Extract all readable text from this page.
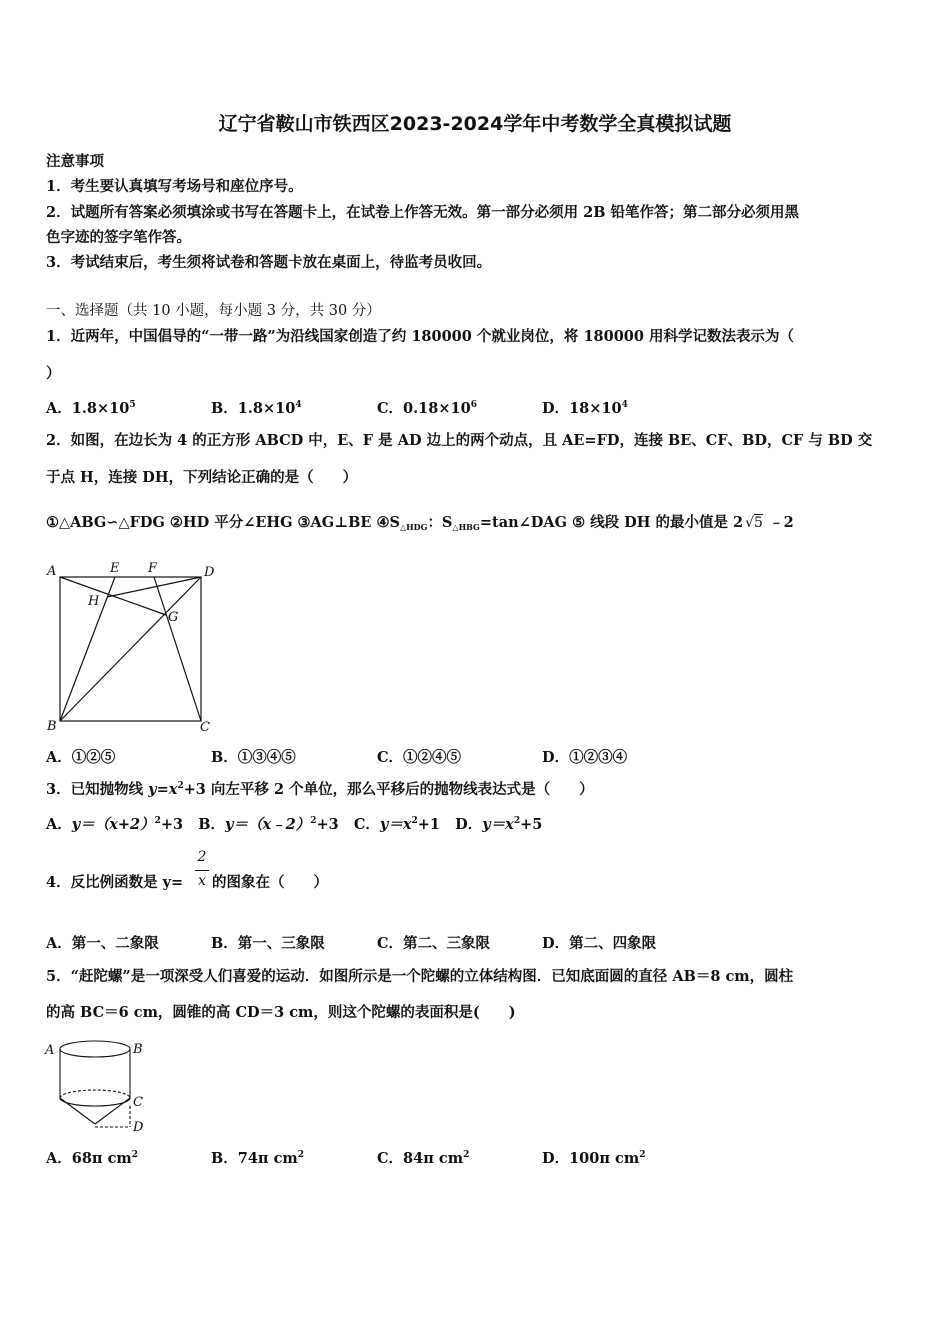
辽宁省鞍山市铁西区2023-2024学年中考数学全真模拟试题
注意事项
1．考生要认真填写考场号和座位序号。
2．试题所有答案必须填涂或书写在答题卡上，在试卷上作答无效。第一部分必须用 2B 铅笔作答；第二部分必须用黑
色字迹的签字笔作答。
3．考试结束后，考生须将试卷和答题卡放在桌面上，待监考员收回。
一、选择题（共 10 小题，每小题 3 分，共 30 分）
1．近两年，中国倡导的“一带一路”为沿线国家创造了约 180000 个就业岗位，将 180000 用科学记数法表示为（
）
A．$1.8\times 10^5$	B．$1.8\times 10^4$	C．$0.18\times 10^6$	D．$18\times 10^4$
2．如图，在边长为 4 的正方形 ABCD 中，E、F 是 AD 边上的两个动点，且 AE=FD，连接 BE、CF、BD，CF 与 BD 交
于点 H，连接 DH，下列结论正确的是（　　）
①△ABG∽△FDG ②HD 平分∠EHG ③AG⊥BE $④S_{\triangle HDG}$：$S_{\triangle HBG}=\tan\angle DAG$ ⑤ 线段 DH 的最小值是 2 √5 ﹣2
A	E F	D
H
G
B	C
A．①②⑤	B．①③④⑤	C．①②④⑤	D．①②③④
3．已知抛物线 $y=x^2+3$ 向左平移 2 个单位，那么平移后的抛物线表达式是（　　）
A．$y=(x+2)^2+3$ B．y＝（x﹣2）$^2$+3 C．$y=x^2+1$ D．$y=x^2+5$
4．反比例函数是 y=
2
x 的图象在（　　）
A．第一、二象限	B．第一、三象限	C．第二、三象限	D．第二、四象限
5．“赶陀螺”是一项深受人们喜爱的运动．如图所示是一个陀螺的立体结构图．已知底面圆的直径 AB＝8 cm，圆柱
的高 BC＝6 cm，圆锥的高 CD＝3 cm，则这个陀螺的表面积是(　　)
A	B
C
D
A．68π $cm^2$	B．74π $cm^2$	C．84π $cm^2$	D．100π $cm^2$
